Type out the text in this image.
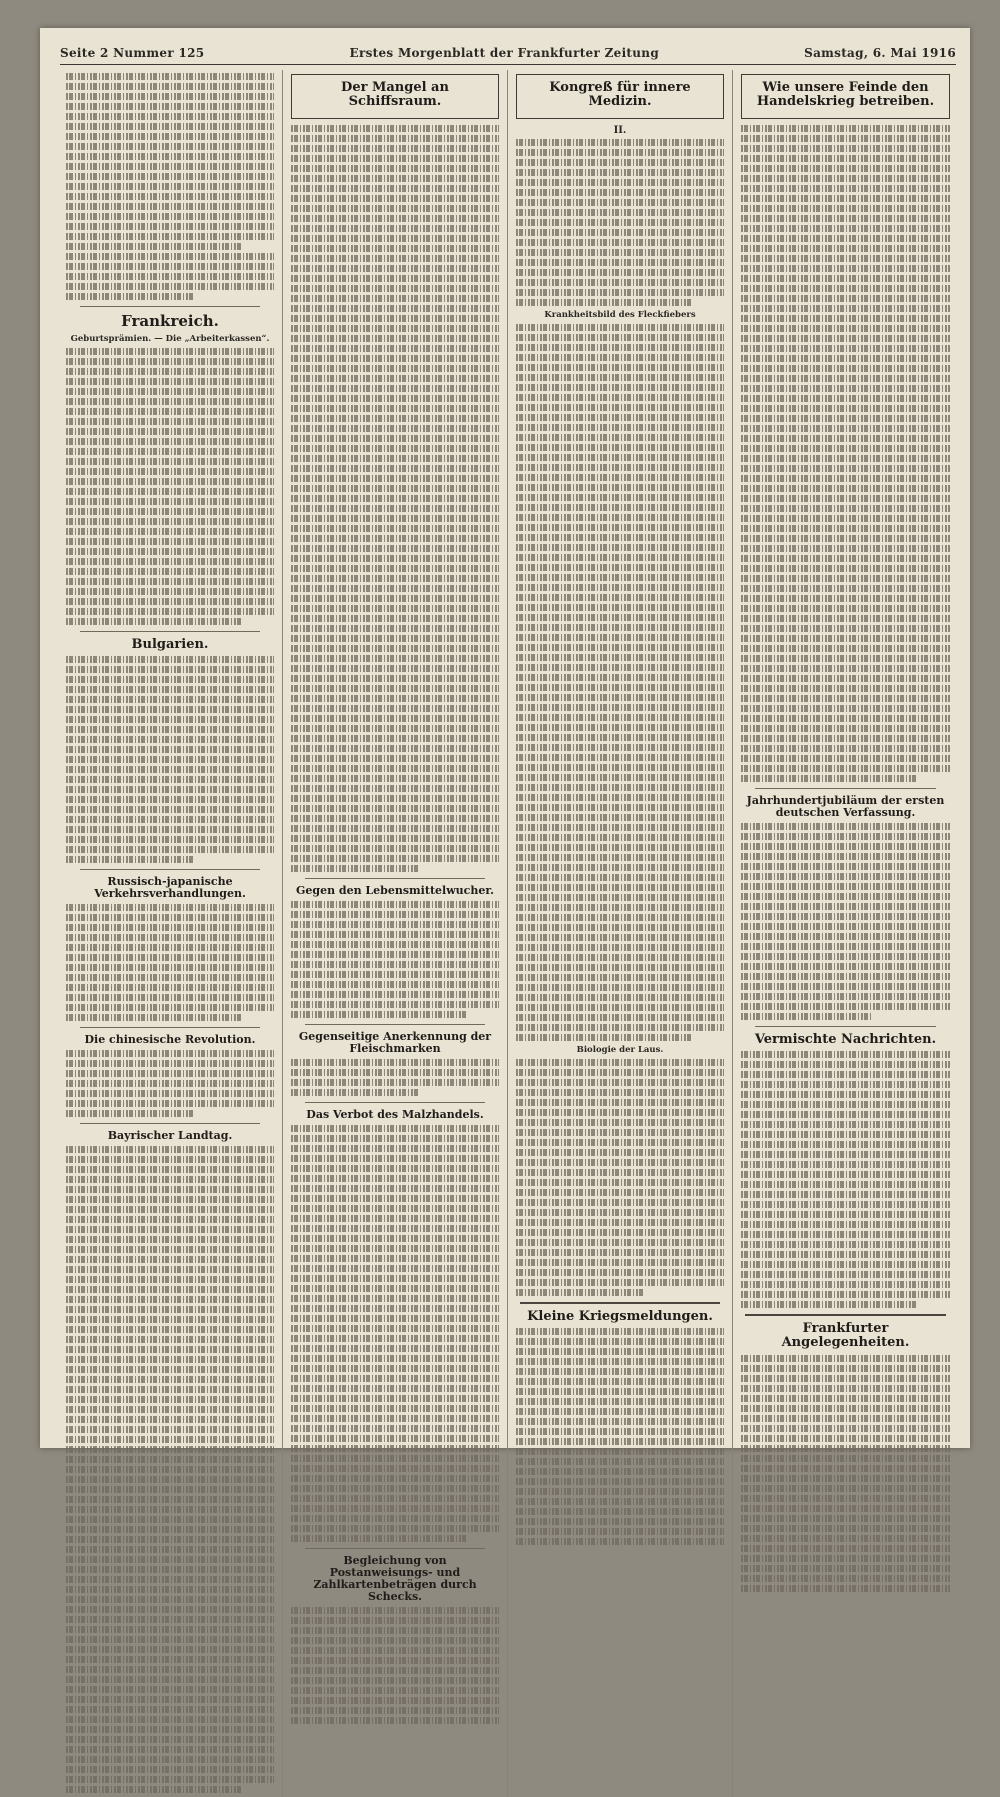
Seite 2 Nummer 125	Erstes Morgenblatt der Frankfurter Zeitung	Samstag, 6. Mai 1916
Frankreich.
Geburtsprämien. — Die „Arbeiterkassen“.
Bulgarien.
Russisch-japanische Verkehrsverhandlungen.
Die chinesische Revolution.
Bayrischer Landtag.
Der Mangel an Schiffsraum.
Gegen den Lebensmittelwucher.
Gegenseitige Anerkennung der Fleischmarken
Das Verbot des Malzhandels.
Begleichung von Postanweisungs- und Zahlkartenbeträgen durch Schecks.
Kongreß für innere Medizin.
II.
Krankheitsbild des Fleckfiebers
Biologie der Laus.
Kleine Kriegsmeldungen.
Wie unsere Feinde den Handelskrieg betreiben.
Jahrhundertjubiläum der ersten deutschen Verfassung.
Vermischte Nachrichten.
Frankfurter Angelegenheiten.
